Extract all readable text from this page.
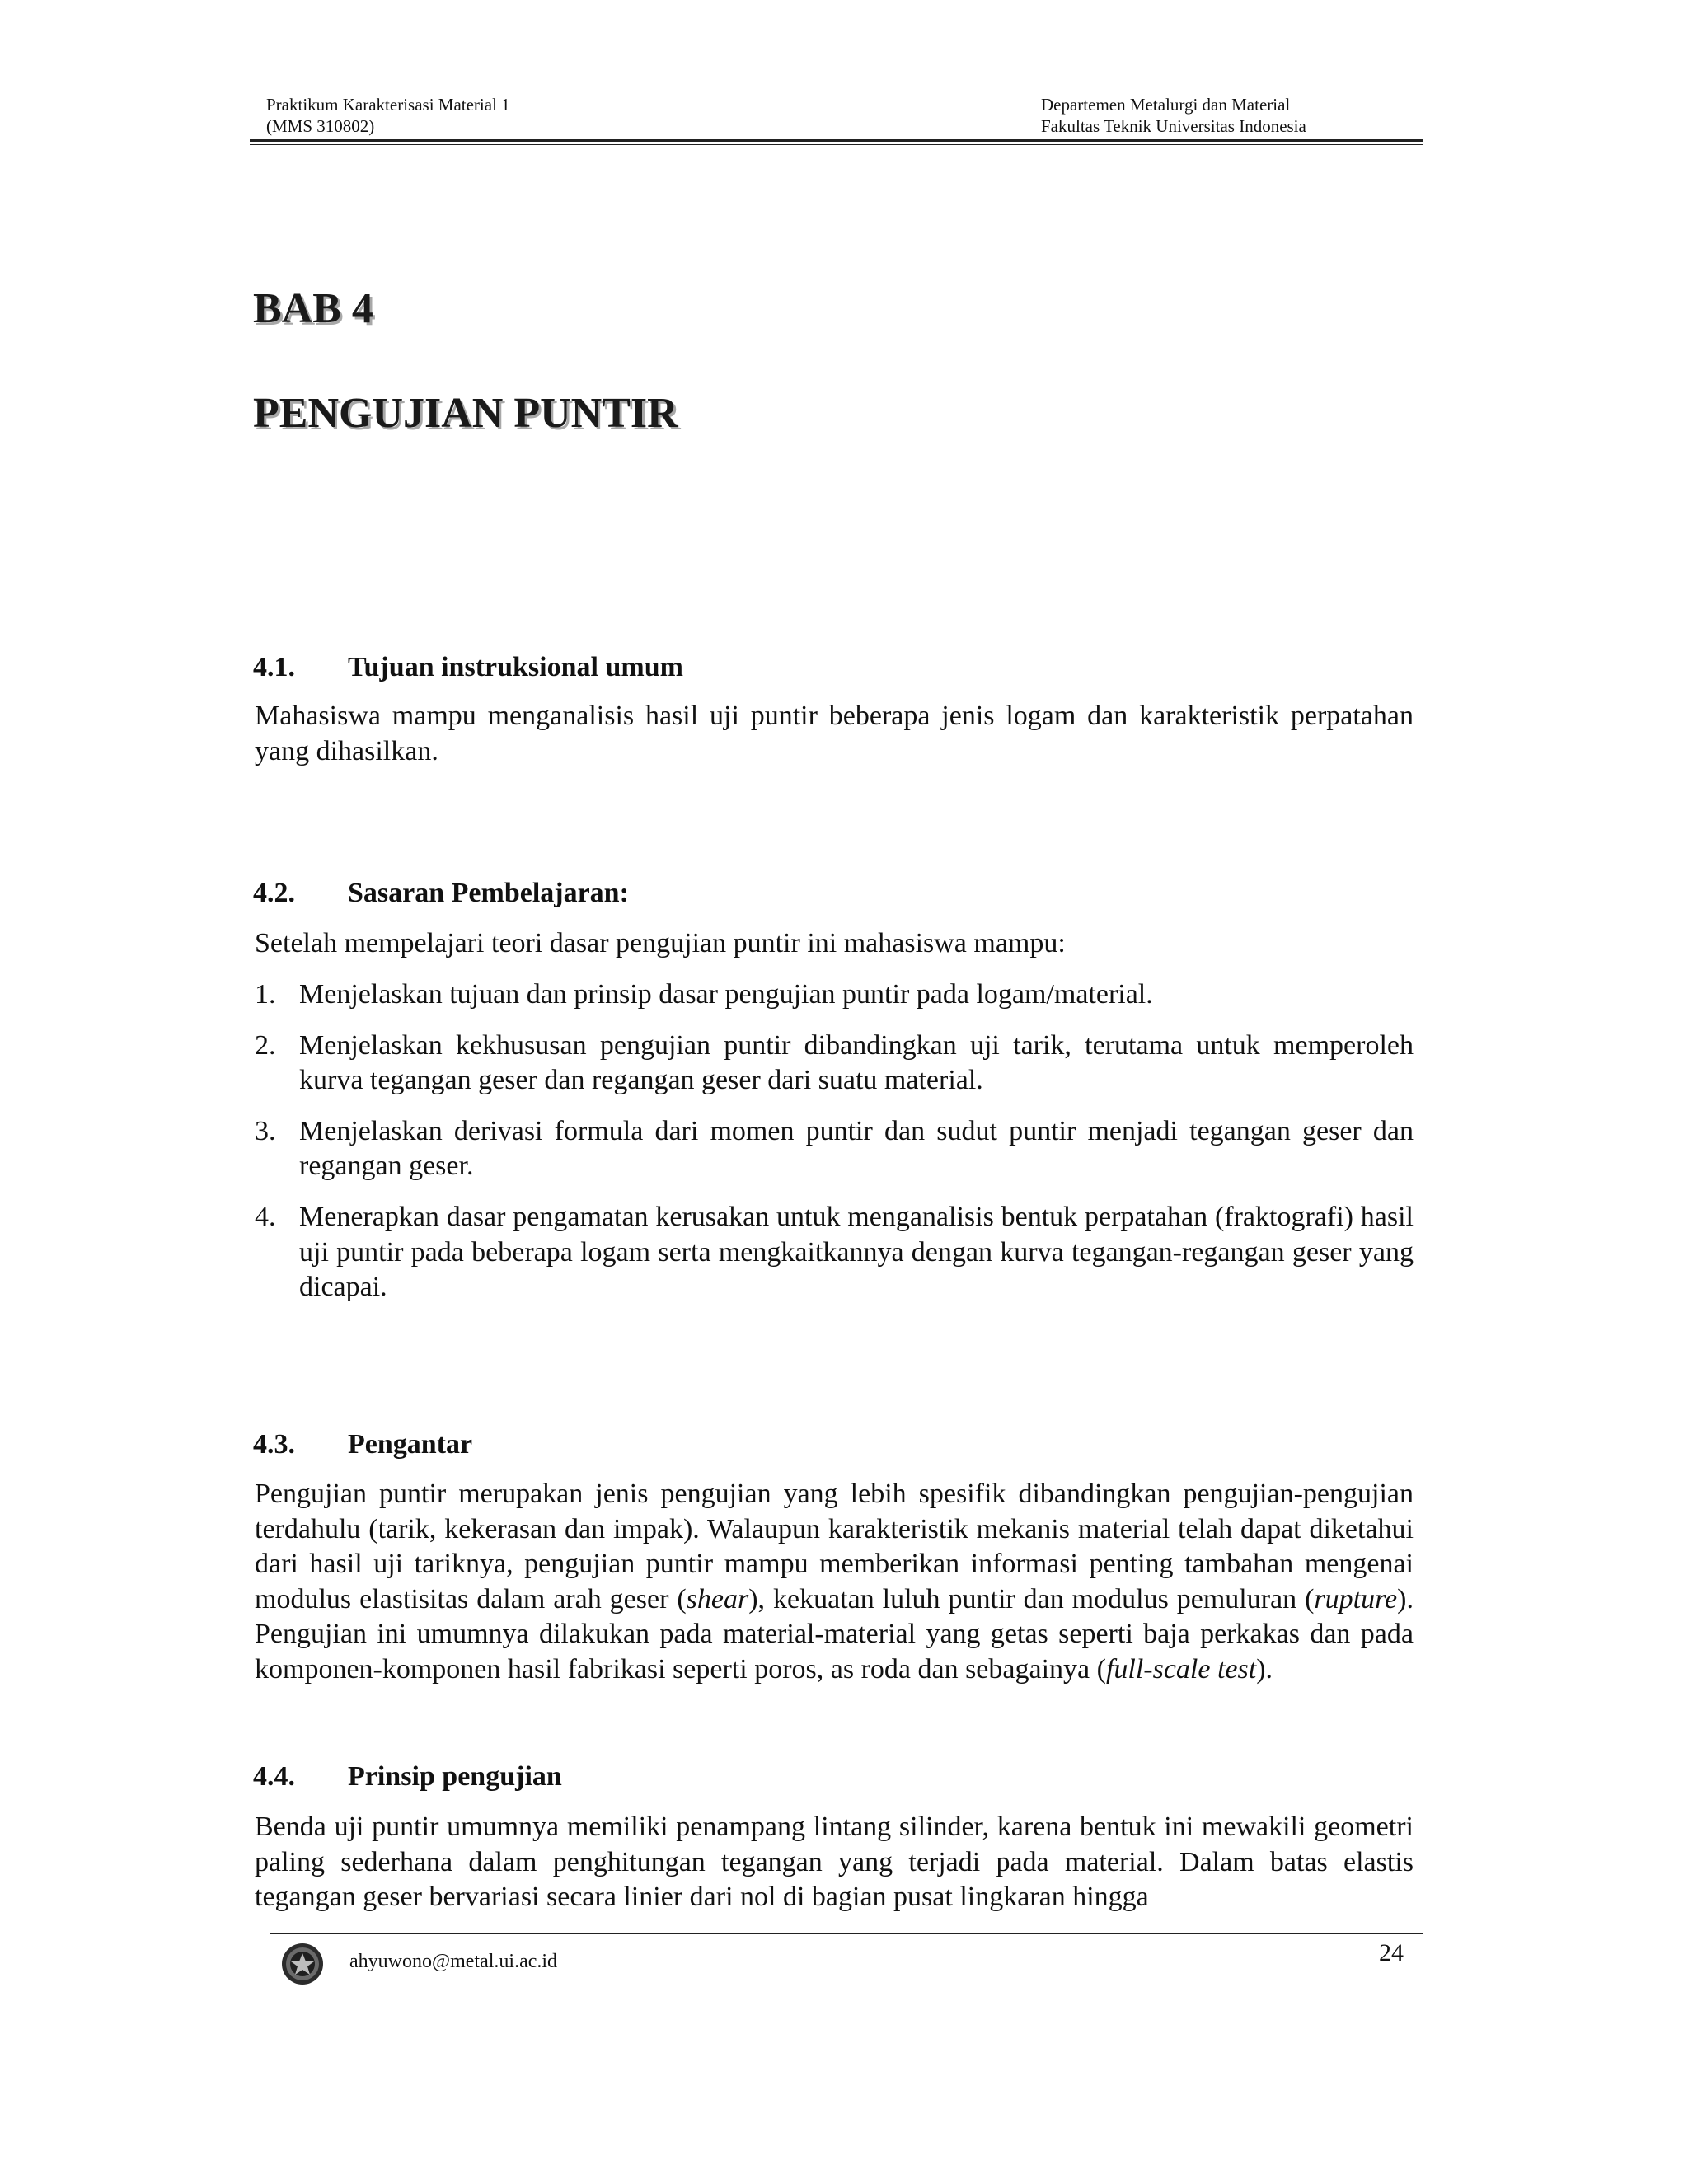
Praktikum Karakterisasi Material 1
(MMS 310802)
Departemen Metalurgi dan Material
Fakultas Teknik Universitas Indonesia
BAB 4
PENGUJIAN PUNTIR
4.1. Tujuan instruksional umum

Mahasiswa mampu menganalisis hasil uji puntir beberapa jenis logam dan karakteristik perpatahan yang dihasilkan.

4.2. Sasaran Pembelajaran:

Setelah mempelajari teori dasar pengujian puntir ini mahasiswa mampu:

1. Menjelaskan tujuan dan prinsip dasar pengujian puntir pada logam/material.
2. Menjelaskan kekhususan pengujian puntir dibandingkan uji tarik, terutama untuk memperoleh kurva tegangan geser dan regangan geser dari suatu material.
3. Menjelaskan derivasi formula dari momen puntir dan sudut puntir menjadi tegangan geser dan regangan geser.
4. Menerapkan dasar pengamatan kerusakan untuk menganalisis bentuk perpatahan (fraktografi) hasil uji puntir pada beberapa logam serta mengkaitkannya dengan kurva tegangan-regangan geser yang dicapai.
4.3. Pengantar

Pengujian puntir merupakan jenis pengujian yang lebih spesifik dibandingkan pengujian-pengujian terdahulu (tarik, kekerasan dan impak). Walaupun karakteristik mekanis material telah dapat diketahui dari hasil uji tariknya, pengujian puntir mampu memberikan informasi penting tambahan mengenai modulus elastisitas dalam arah geser (shear), kekuatan luluh puntir dan modulus pemuluran (rupture). Pengujian ini umumnya dilakukan pada material-material yang getas seperti baja perkakas dan pada komponen-komponen hasil fabrikasi seperti poros, as roda dan sebagainya (full-scale test).

4.4. Prinsip pengujian

Benda uji puntir umumnya memiliki penampang lintang silinder, karena bentuk ini mewakili geometri paling sederhana dalam penghitungan tegangan yang terjadi pada material. Dalam batas elastis tegangan geser bervariasi secara linier dari nol di bagian pusat lingkaran hingga

ahyuwono@metal.ui.ac.id	24
